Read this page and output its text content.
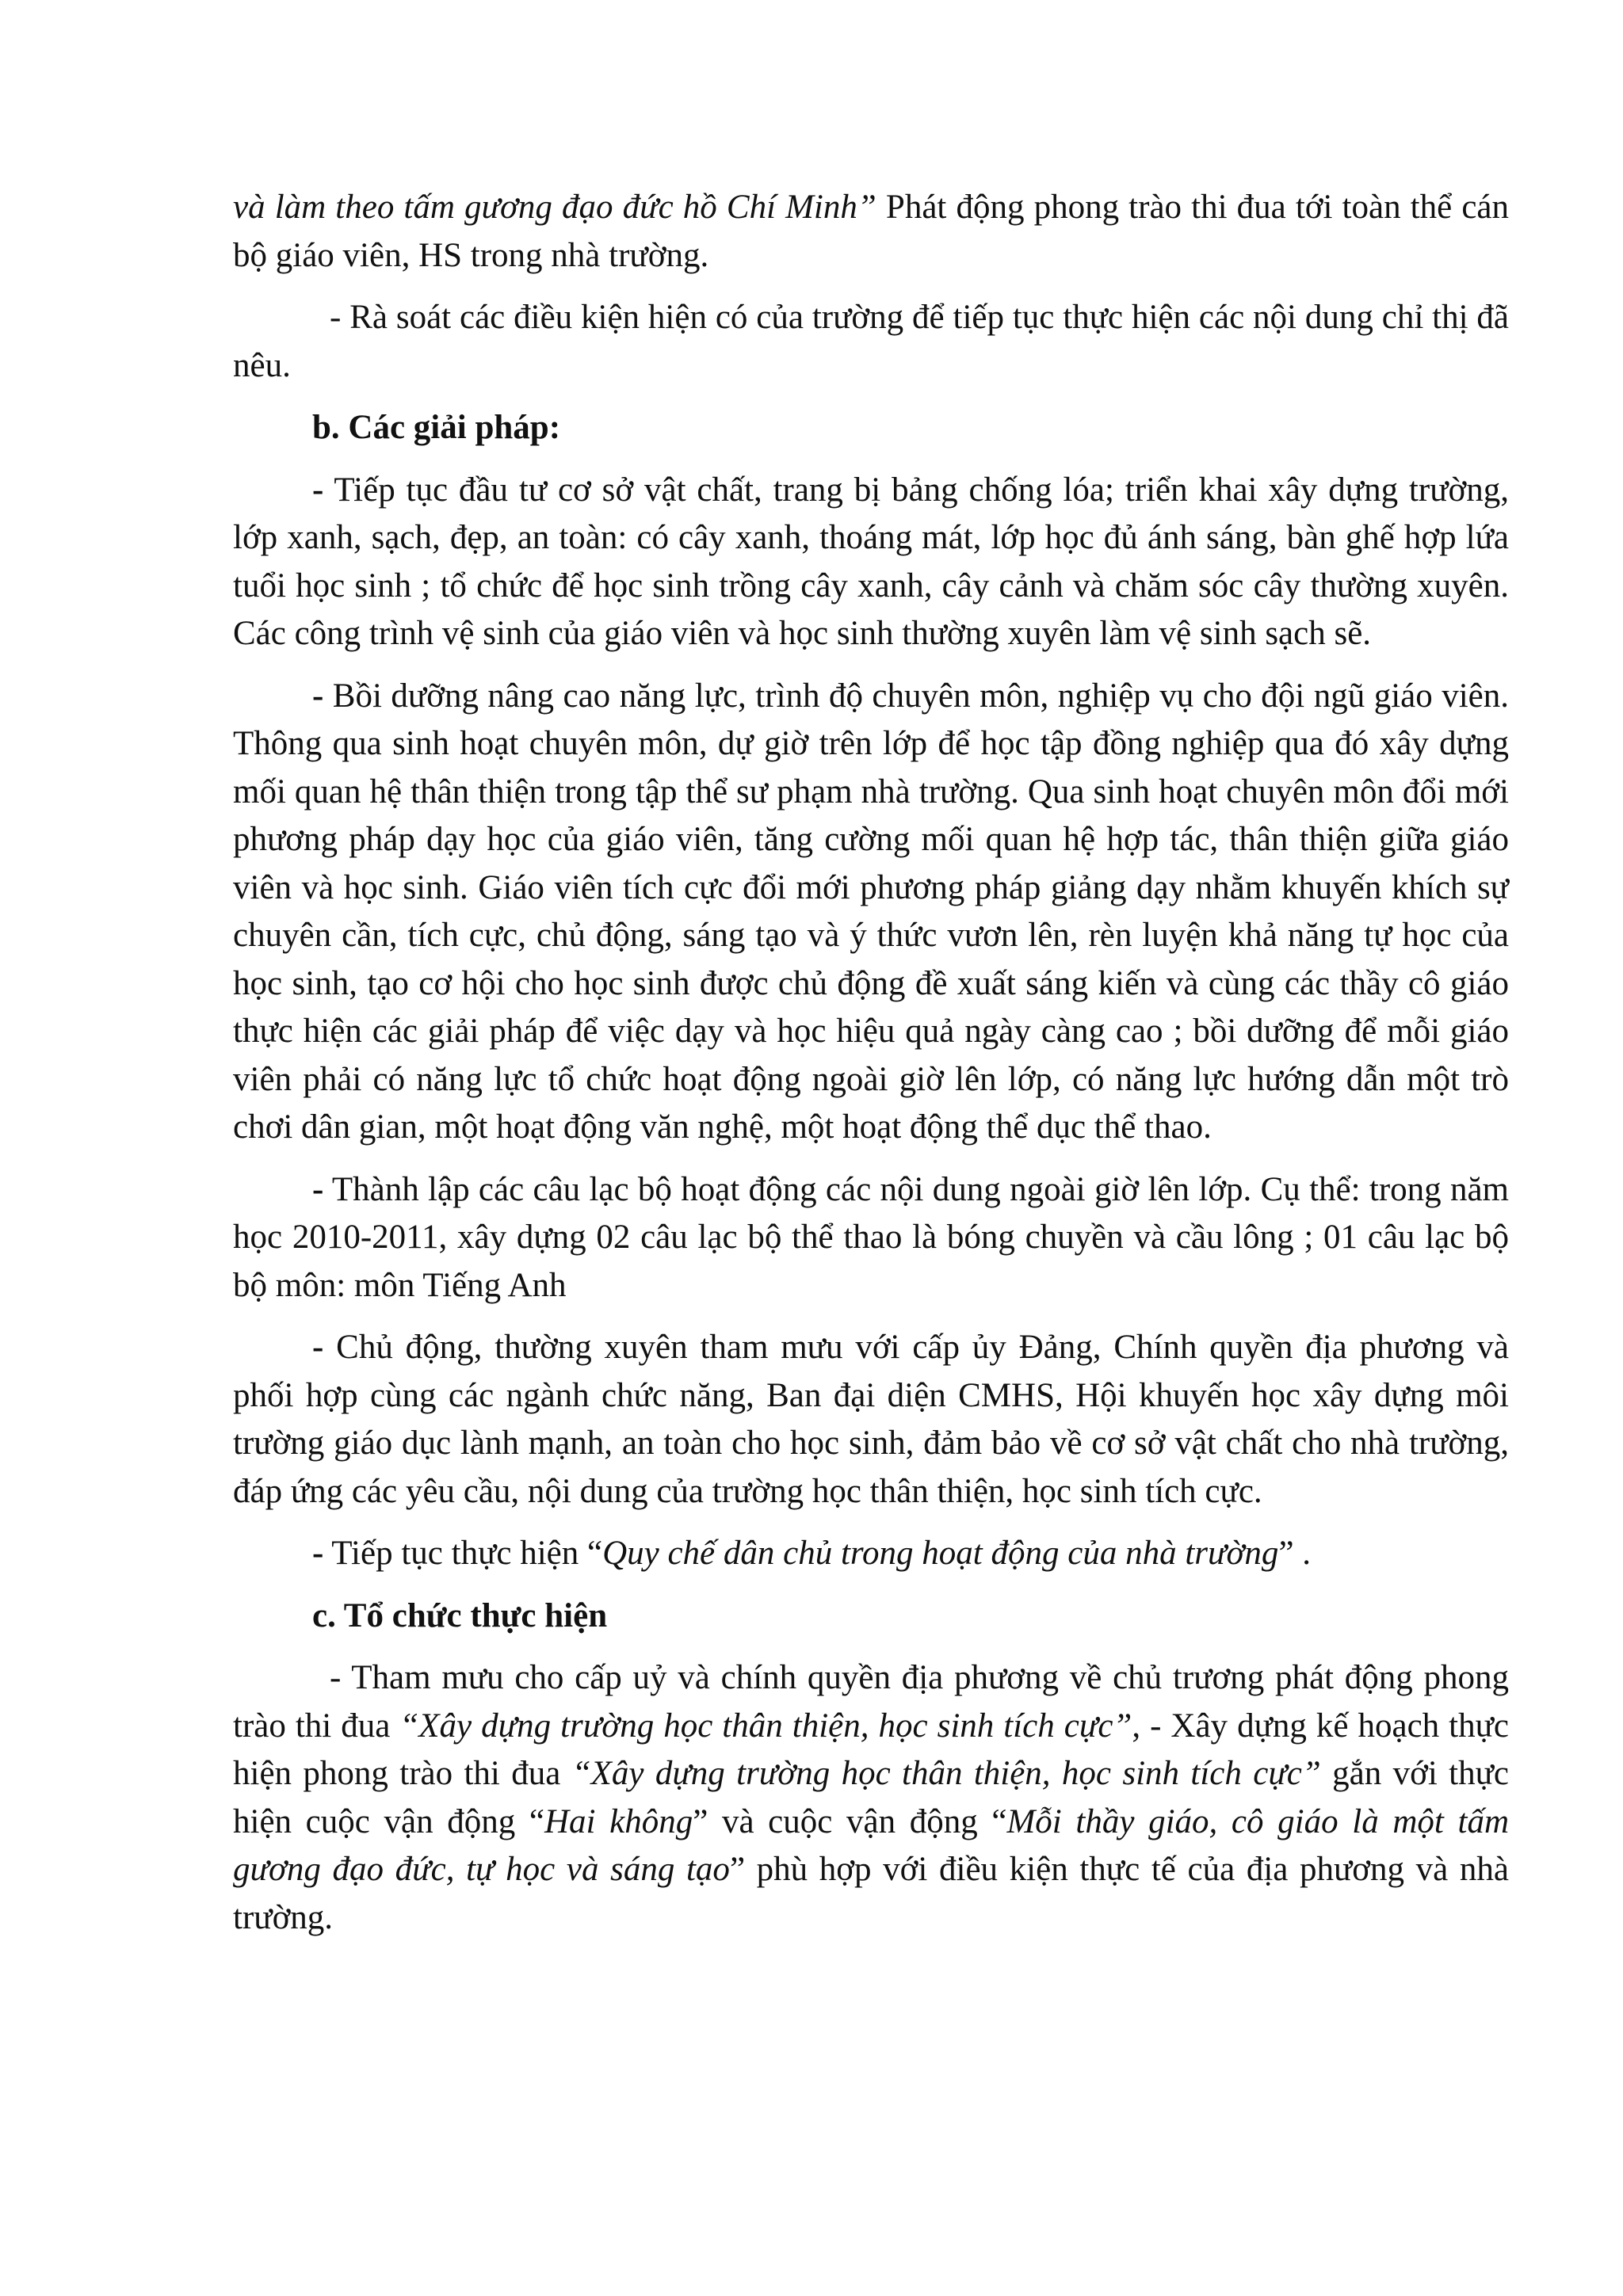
và làm theo tấm gương đạo đức hồ Chí Minh” Phát động phong trào thi đua tới toàn thể cán bộ giáo viên, HS trong nhà trường.

- Rà soát các điều kiện hiện có của trường để tiếp tục thực hiện các nội dung chỉ thị đã nêu.

b. Các giải pháp:

- Tiếp tục đầu tư cơ sở vật chất, trang bị bảng chống lóa; triển khai xây dựng trường, lớp xanh, sạch, đẹp, an toàn: có cây xanh, thoáng mát, lớp học đủ ánh sáng, bàn ghế hợp lứa tuổi học sinh ; tổ chức để học sinh trồng cây xanh, cây cảnh và chăm sóc cây thường xuyên. Các công trình vệ sinh của giáo viên và học sinh thường xuyên làm vệ sinh sạch sẽ.

- Bồi dưỡng nâng cao năng lực, trình độ chuyên môn, nghiệp vụ cho đội ngũ giáo viên. Thông qua sinh hoạt chuyên môn, dự giờ trên lớp để học tập đồng nghiệp qua đó xây dựng mối quan hệ thân thiện trong tập thể sư phạm nhà trường. Qua sinh hoạt chuyên môn đổi mới phương pháp dạy học của giáo viên, tăng cường mối quan hệ hợp tác, thân thiện giữa giáo viên và học sinh. Giáo viên tích cực đổi mới phương pháp giảng dạy nhằm khuyến khích sự chuyên cần, tích cực, chủ động, sáng tạo và ý thức vươn lên, rèn luyện khả năng tự học của học sinh, tạo cơ hội cho học sinh được chủ động đề xuất sáng kiến và cùng các thầy cô giáo thực hiện các giải pháp để việc dạy và học hiệu quả ngày càng cao ; bồi dưỡng để mỗi giáo viên phải có năng lực tổ chức hoạt động ngoài giờ lên lớp, có năng lực hướng dẫn một trò chơi dân gian, một hoạt động văn nghệ, một hoạt động thể dục thể thao.

- Thành lập các câu lạc bộ hoạt động các nội dung ngoài giờ lên lớp. Cụ thể: trong năm học 2010-2011, xây dựng 02 câu lạc bộ thể thao là bóng chuyền và cầu lông ; 01 câu lạc bộ bộ môn: môn Tiếng Anh

- Chủ động, thường xuyên tham mưu với cấp ủy Đảng, Chính quyền địa phương và phối hợp cùng các ngành chức năng, Ban đại diện CMHS, Hội khuyến học xây dựng môi trường giáo dục lành mạnh, an toàn cho học sinh, đảm bảo về cơ sở vật chất cho nhà trường, đáp ứng các yêu cầu, nội dung của trường học thân thiện, học sinh tích cực.

- Tiếp tục thực hiện “Quy chế dân chủ trong hoạt động của nhà trường” .

c. Tổ chức thực hiện

- Tham mưu cho cấp uỷ và chính quyền địa phương về chủ trương phát động phong trào thi đua “Xây dựng trường học thân thiện, học sinh tích cực”, - Xây dựng kế hoạch thực hiện phong trào thi đua “Xây dựng trường học thân thiện, học sinh tích cực” gắn với thực hiện cuộc vận động “Hai không” và cuộc vận động “Mỗi thầy giáo, cô giáo là một tấm gương đạo đức, tự học và sáng tạo” phù hợp với điều kiện thực tế của địa phương và nhà trường.
